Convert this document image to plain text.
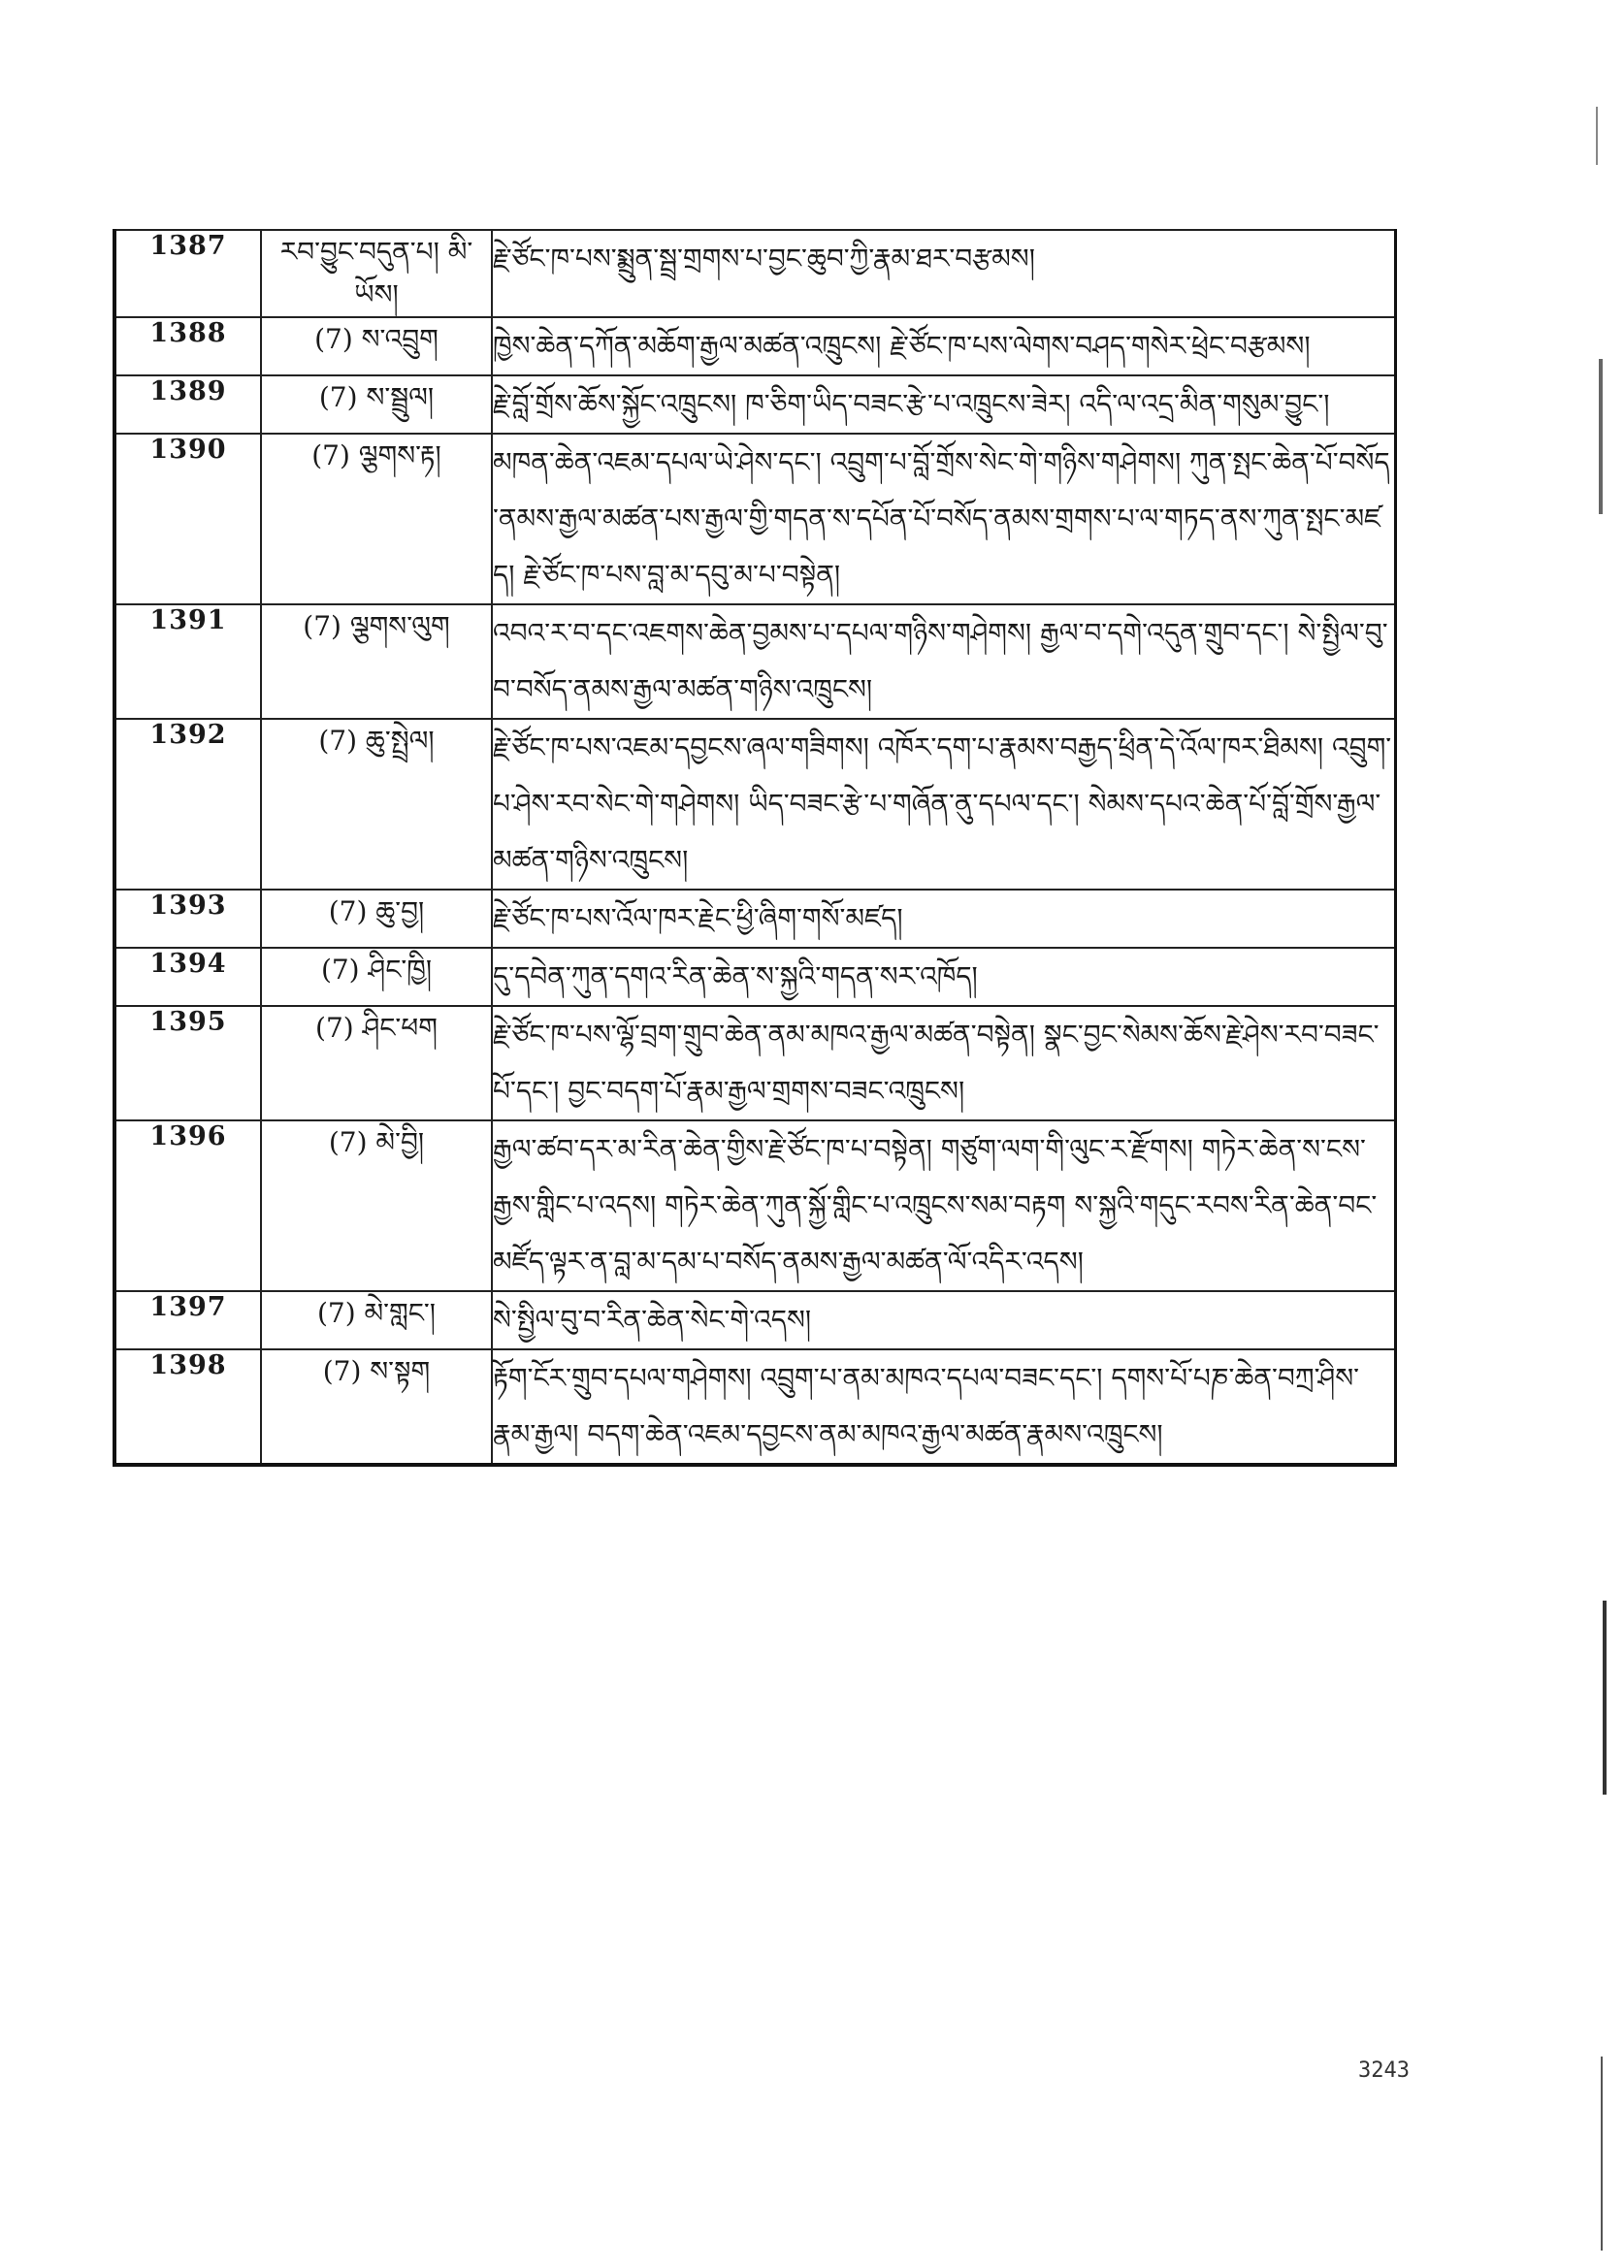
1387	རབ་བྱུང་བདུན་པ། མི་ཡོས།	རྗེ་ཙོང་ཁ་པས་སྨྲུན་སྦྲ་གྲགས་པ་བྱང་ཆུབ་ཀྱི་རྣམ་ཐར་བརྩམས།
1388	(7) ས་འབྲུག	ཁྱེས་ཆེན་དཀོན་མཆོག་རྒྱལ་མཚན་འཁྲུངས། རྗེ་ཙོང་ཁ་པས་ལེགས་བཤད་གསེར་ཕྲེང་བརྩམས།
1389	(7) ས་སྦྲུལ།	རྗེ་བློ་གྲོས་ཆོས་སྐྱོང་འཁྲུངས། ཁ་ཅིག་ཡིད་བཟང་རྩེ་པ་འཁྲུངས་ཟེར། འདི་ལ་འདྲ་མིན་གསུམ་བྱུང་།
1390	(7) ལྕགས་རྟ།	མཁན་ཆེན་འཇམ་དཔལ་ཡེ་ཤེས་དང་། འབྲུག་པ་བློ་གྲོས་སེང་གེ་གཉིས་གཤེགས། ཀུན་སྤང་ཆེན་པོ་བསོད་ནམས་རྒྱལ་མཚན་པས་རྒྱལ་གྱི་གདན་ས་དཔོན་པོ་བསོད་ནམས་གྲགས་པ་ལ་གཏད་ནས་ཀུན་སྤང་མཛད། རྗེ་ཙོང་ཁ་པས་བླ་མ་དབུ་མ་པ་བསྟེན།
1391	(7) ལྕགས་ལུག	འབའ་ར་བ་དང་འཇགས་ཆེན་བྱམས་པ་དཔལ་གཉིས་གཤེགས། རྒྱལ་བ་དགེ་འདུན་གྲུབ་དང་། སེ་སྤྱིལ་བུ་བ་བསོད་ནམས་རྒྱལ་མཚན་གཉིས་འཁྲུངས།
1392	(7) ཆུ་སྤྲེལ།	རྗེ་ཙོང་ཁ་པས་འཇམ་དབྱངས་ཞལ་གཟིགས། འཁོར་དག་པ་རྣམས་བརྒྱད་ཕྲིན་དེ་འོལ་ཁར་ཐིམས། འབྲུག་པ་ཤེས་རབ་སེང་གེ་གཤེགས། ཡིད་བཟང་རྩེ་པ་གཞོན་ནུ་དཔལ་དང་། སེམས་དཔའ་ཆེན་པོ་བློ་གྲོས་རྒྱལ་མཚན་གཉིས་འཁྲུངས།
1393	(7) ཆུ་བྱ།	རྗེ་ཙོང་ཁ་པས་འོལ་ཁར་རྗེང་ཕྱི་ཞིག་གསོ་མཛད།
1394	(7) ཤིང་ཁྱི།	དུ་དབེན་ཀུན་དགའ་རིན་ཆེན་ས་སྐྱའི་གདན་སར་འཁོད།
1395	(7) ཤིང་ཕག	རྗེ་ཙོང་ཁ་པས་ལྷོ་བྲག་གྲུབ་ཆེན་ནམ་མཁའ་རྒྱལ་མཚན་བསྟེན། སྣང་བྱང་སེམས་ཆོས་རྗེ་ཤེས་རབ་བཟང་པོ་དང་། བྱང་བདག་པོ་རྣམ་རྒྱལ་གྲགས་བཟང་འཁྲུངས།
1396	(7) མེ་བྱི།	རྒྱལ་ཚབ་དར་མ་རིན་ཆེན་གྱིས་རྗེ་ཙོང་ཁ་པ་བསྟེན། གཙུག་ལག་གི་ལུང་ར་རྫོགས། གཏེར་ཆེན་ས་ངས་རྒྱས་གླིང་པ་འདས། གཏེར་ཆེན་ཀུན་སྐྱོ་གླིང་པ་འཁྲུངས་སམ་བརྟག ས་སྐྱའི་གདུང་རབས་རིན་ཆེན་བང་མཛོད་ལྟར་ན་བླ་མ་དམ་པ་བསོད་ནམས་རྒྱལ་མཚན་ལོ་འདིར་འདས།
1397	(7) མེ་གླང་།	སེ་སྤྱིལ་བུ་བ་རིན་ཆེན་སེང་གེ་འདས།
1398	(7) ས་སྟག	རྟོག་ངོར་གྲུབ་དཔལ་གཤེགས། འབྲུག་པ་ནམ་མཁའ་དཔལ་བཟང་དང་། དགས་པོ་པཎ་ཆེན་བཀྲ་ཤིས་རྣམ་རྒྱལ། བདག་ཆེན་འཇམ་དབྱངས་ནམ་མཁའ་རྒྱལ་མཚན་རྣམས་འཁྲུངས།
3243
